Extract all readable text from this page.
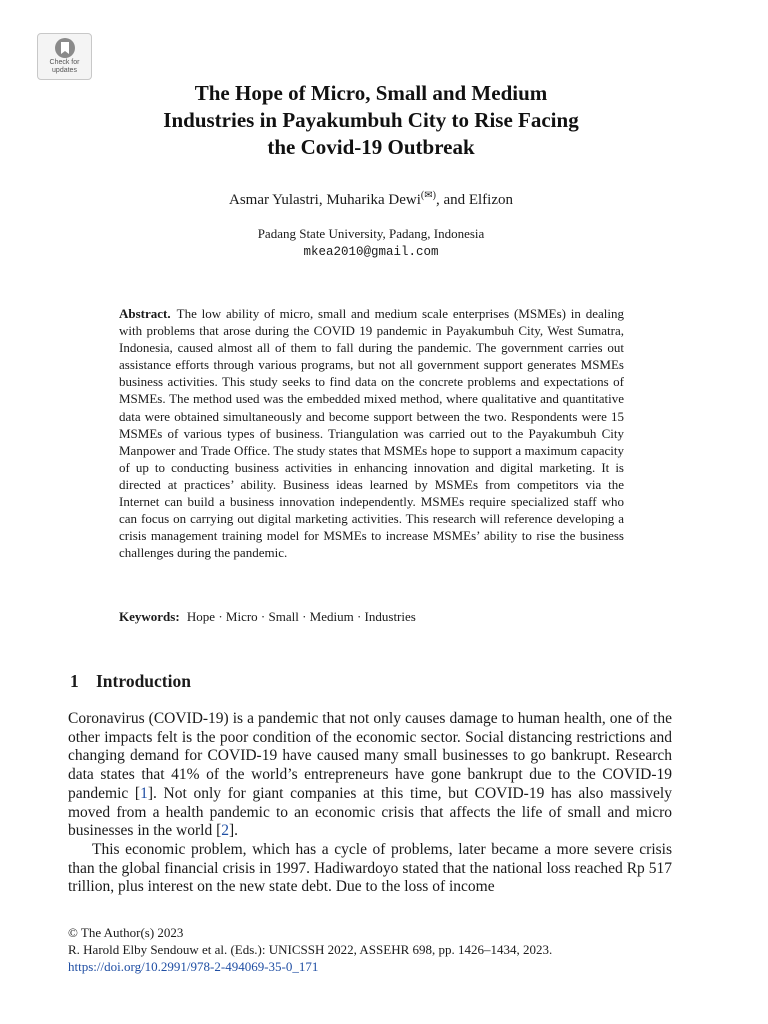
Check for
updates
The Hope of Micro, Small and Medium
Industries in Payakumbuh City to Rise Facing
the Covid-19 Outbreak
Asmar Yulastri, Muharika Dewi(✉), and Elfizon
Padang State University, Padang, Indonesia
mkea2010@gmail.com

Abstract. The low ability of micro, small and medium scale enterprises (MSMEs) in dealing with problems that arose during the COVID 19 pandemic in Payakumbuh City, West Sumatra, Indonesia, caused almost all of them to fall during the pandemic. The government carries out assistance efforts through various programs, but not all government support generates MSMEs business activities. This study seeks to find data on the concrete problems and expectations of MSMEs. The method used was the embedded mixed method, where qualitative and quantitative data were obtained simultaneously and become support between the two. Respondents were 15 MSMEs of various types of business. Triangulation was carried out to the Payakumbuh City Manpower and Trade Office. The study states that MSMEs hope to support a maximum capacity of up to conducting business activities in enhancing innovation and digital marketing. It is directed at practices’ ability. Business ideas learned by MSMEs from competitors via the Internet can build a business innovation independently. MSMEs require specialized staff who can focus on carrying out digital marketing activities. This research will reference developing a crisis management training model for MSMEs to increase MSMEs’ ability to rise the business challenges during the pandemic.

Keywords: Hope · Micro · Small · Medium · Industries
1 Introduction

Coronavirus (COVID-19) is a pandemic that not only causes damage to human health, one of the other impacts felt is the poor condition of the economic sector. Social distancing restrictions and changing demand for COVID-19 have caused many small businesses to go bankrupt. Research data states that 41% of the world’s entrepreneurs have gone bankrupt due to the COVID-19 pandemic [1]. Not only for giant companies at this time, but COVID-19 has also massively moved from a health pandemic to an economic crisis that affects the life of small and micro businesses in the world [2].

This economic problem, which has a cycle of problems, later became a more severe crisis than the global financial crisis in 1997. Hadiwardoyo stated that the national loss reached Rp 517 trillion, plus interest on the new state debt. Due to the loss of income

© The Author(s) 2023
R. Harold Elby Sendouw et al. (Eds.): UNICSSH 2022, ASSEHR 698, pp. 1426–1434, 2023.
https://doi.org/10.2991/978-2-494069-35-0_171
